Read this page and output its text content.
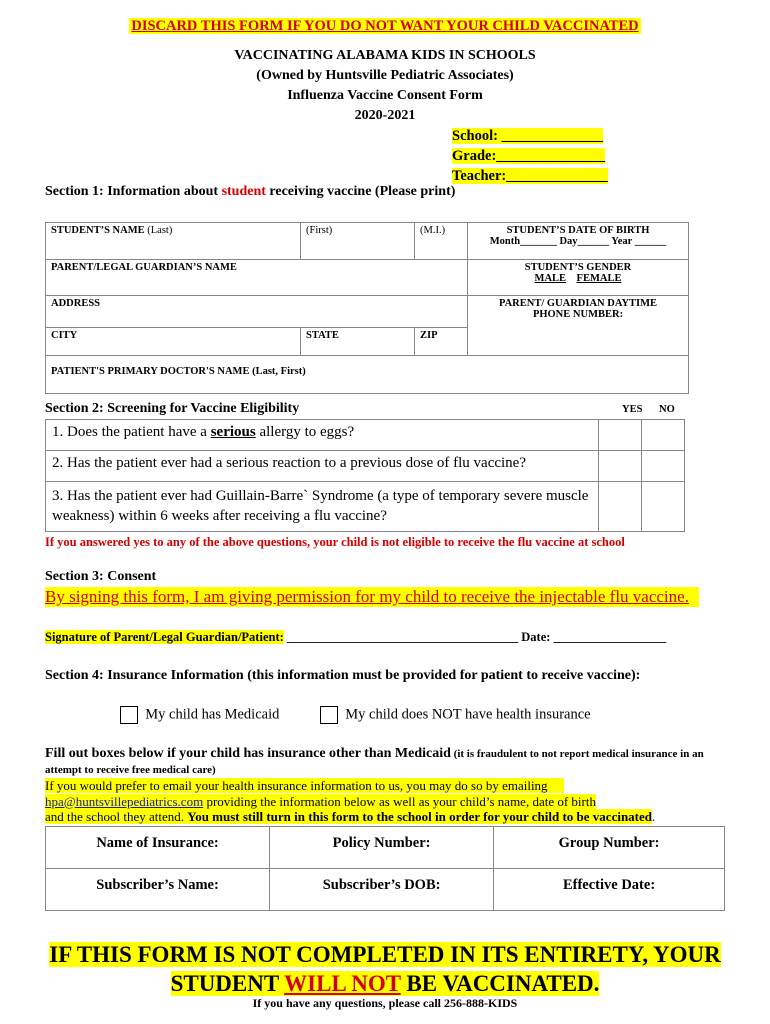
DISCARD THIS FORM IF YOU DO NOT WANT YOUR CHILD VACCINATED
VACCINATING ALABAMA KIDS IN SCHOOLS
(Owned by Huntsville Pediatric Associates)
Influenza Vaccine Consent Form
2020-2021
School: ______________
Grade:_______________
Teacher:______________
Section 1: Information about student receiving vaccine (Please print)
STUDENT’S NAME (Last)	(First)	(M.I.)	STUDENT’S DATE OF BIRTH
Month_______ Day______ Year ______
PARENT/LEGAL GUARDIAN’S NAME			STUDENT’S GENDER
MALE FEMALE
ADDRESS			PARENT/ GUARDIAN DAYTIME PHONE NUMBER:
CITY	STATE	ZIP	
PATIENT'S PRIMARY DOCTOR'S NAME (Last, First)			
Section 2: Screening for Vaccine Eligibility	YES NO
1. Does the patient have a serious allergy to eggs?		
2. Has the patient ever had a serious reaction to a previous dose of flu vaccine?		
3. Has the patient ever had Guillain-Barre` Syndrome (a type of temporary severe muscle weakness) within 6 weeks after receiving a flu vaccine?		
If you answered yes to any of the above questions, your child is not eligible to receive the flu vaccine at school
Section 3: Consent
By signing this form, I am giving permission for my child to receive the injectable flu vaccine.
Signature of Parent/Legal Guardian/Patient: _____________________________________ Date: __________________
Section 4: Insurance Information (this information must be provided for patient to receive vaccine):
My child has Medicaid	My child does NOT have health insurance
Fill out boxes below if your child has insurance other than Medicaid (it is fraudulent to not report medical insurance in an attempt to receive free medical care)
If you would prefer to email your health insurance information to us, you may do so by emailing
hpa@huntsvillepediatrics.com providing the information below as well as your child’s name, date of birth
and the school they attend. You must still turn in this form to the school in order for your child to be vaccinated.
Name of Insurance:	Policy Number:	Group Number:
Subscriber’s Name:	Subscriber’s DOB:	Effective Date:
IF THIS FORM IS NOT COMPLETED IN ITS ENTIRETY, YOUR
STUDENT WILL NOT BE VACCINATED.
If you have any questions, please call 256-888-KIDS
